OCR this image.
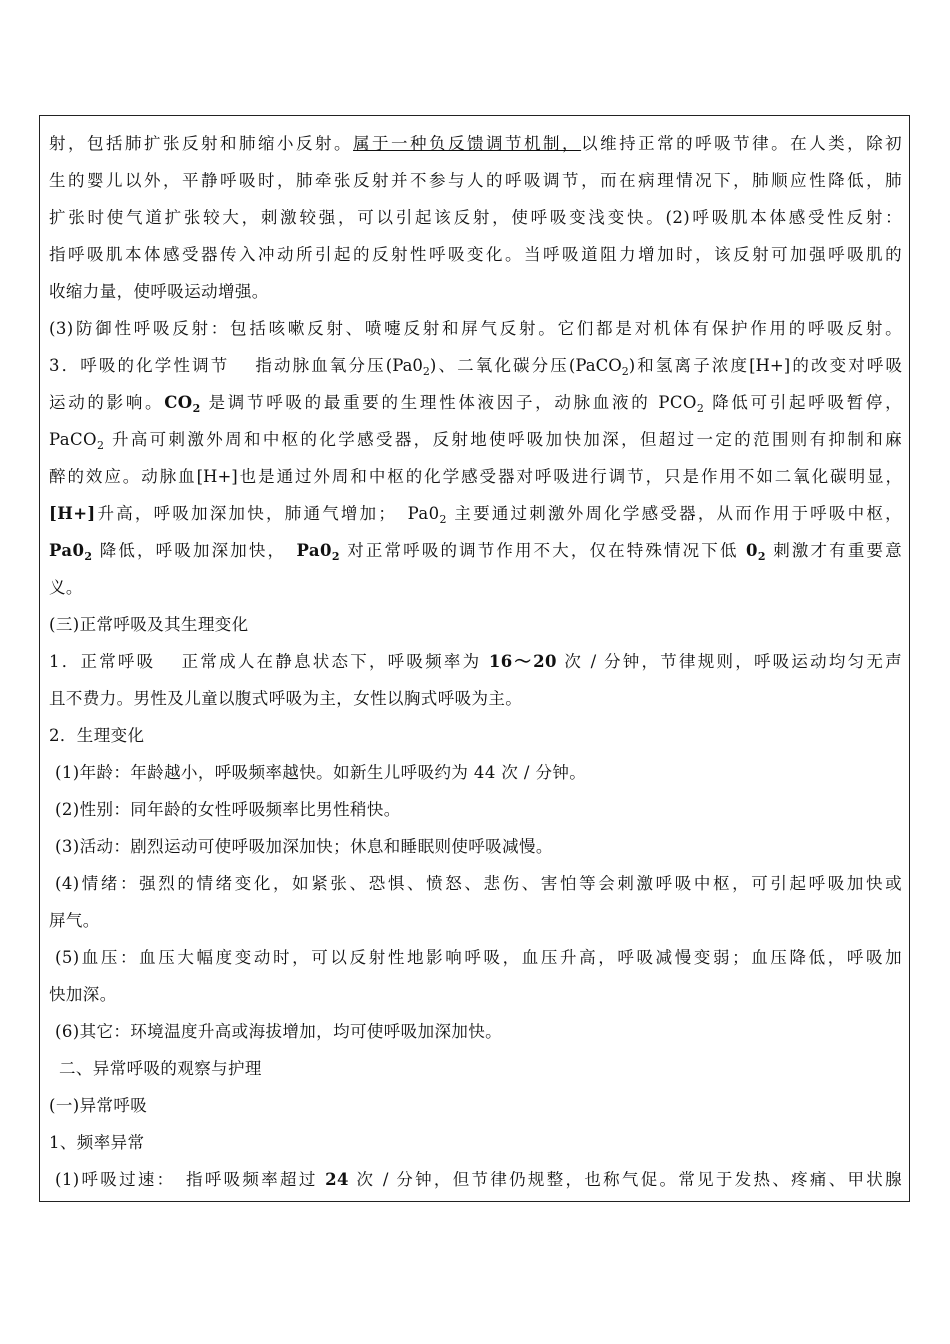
射，包括肺扩张反射和肺缩小反射。属于一种负反馈调节机制，以维持正常的呼吸节律。在人类，除初
生的婴儿以外，平静呼吸时，肺牵张反射并不参与人的呼吸调节，而在病理情况下，肺顺应性降低，肺
扩张时使气道扩张较大，刺激较强，可以引起该反射，使呼吸变浅变快。(2)呼吸肌本体感受性反射：
指呼吸肌本体感受器传入冲动所引起的反射性呼吸变化。当呼吸道阻力增加时，该反射可加强呼吸肌的
收缩力量，使呼吸运动增强。
(3)防御性呼吸反射：包括咳嗽反射、喷嚏反射和屏气反射。它们都是对机体有保护作用的呼吸反射。
3．呼吸的化学性调节　 指动脉血氧分压$(Pa0_2)$、二氧化碳分压(PaCO$_2$)和氢离子浓度[H+]的改变对呼吸
运动的影响。$CO_2$ 是调节呼吸的最重要的生理性体液因子，动脉血液的 $PCO_2$ 降低可引起呼吸暂停，
PaCO$_2$ 升高可刺激外周和中枢的化学感受器，反射地使呼吸加快加深，但超过一定的范围则有抑制和麻
醉的效应。动脉血[H+]也是通过外周和中枢的化学感受器对呼吸进行调节，只是作用不如二氧化碳明显，
[H+]升高，呼吸加深加快，肺通气增加；　$Pa0_2$ 主要通过刺激外周化学感受器，从而作用于呼吸中枢，
$Pa0_2$ 降低，呼吸加深加快，　$Pa0_2$ 对正常呼吸的调节作用不大，仅在特殊情况下低 $0_2$ 刺激才有重要意
义。
(三)正常呼吸及其生理变化
1．正常呼吸　 正常成人在静息状态下，呼吸频率为 16～20 次 / 分钟，节律规则，呼吸运动均匀无声
且不费力。男性及儿童以腹式呼吸为主，女性以胸式呼吸为主。
2．生理变化
(1)年龄：年龄越小，呼吸频率越快。如新生儿呼吸约为 44 次 / 分钟。
(2)性别：同年龄的女性呼吸频率比男性稍快。
(3)活动：剧烈运动可使呼吸加深加快；休息和睡眠则使呼吸减慢。
(4)情绪：强烈的情绪变化，如紧张、恐惧、愤怒、悲伤、害怕等会刺激呼吸中枢，可引起呼吸加快或
屏气。
(5)血压：血压大幅度变动时，可以反射性地影响呼吸，血压升高，呼吸减慢变弱；血压降低，呼吸加
快加深。
(6)其它：环境温度升高或海拔增加，均可使呼吸加深加快。
二、异常呼吸的观察与护理
(一)异常呼吸
1、频率异常
(1)呼吸过速：　指呼吸频率超过 24 次 / 分钟，但节律仍规整，也称气促。常见于发热、疼痛、甲状腺
